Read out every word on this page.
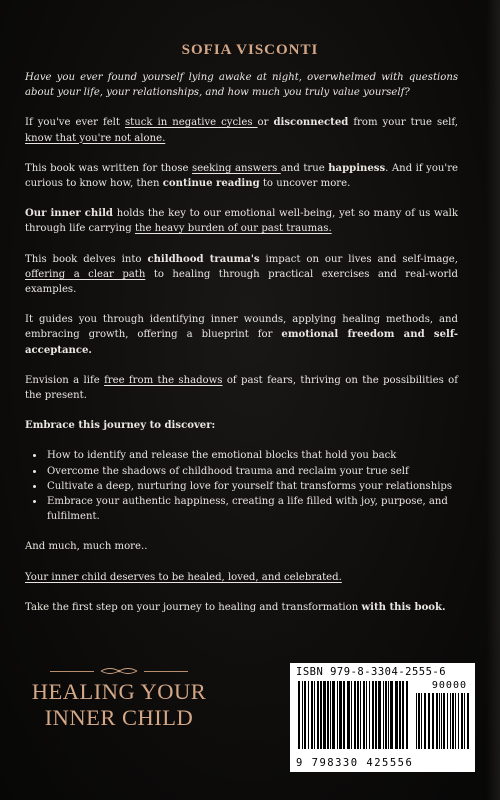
SOFIA VISCONTI

Have you ever found yourself lying awake at night, overwhelmed with questions about your life, your relationships, and how much you truly value yourself?

If you've ever felt stuck in negative cycles or disconnected from your true self, know that you're not alone.

This book was written for those seeking answers and true happiness. And if you're curious to know how, then continue reading to uncover more.

Our inner child holds the key to our emotional well-being, yet so many of us walk through life carrying the heavy burden of our past traumas.

This book delves into childhood trauma's impact on our lives and self-image, offering a clear path to healing through practical exercises and real-world examples.

It guides you through identifying inner wounds, applying healing methods, and embracing growth, offering a blueprint for emotional freedom and self-acceptance.

Envision a life free from the shadows of past fears, thriving on the possibilities of the present.

Embrace this journey to discover:

• How to identify and release the emotional blocks that hold you back
• Overcome the shadows of childhood trauma and reclaim your true self
• Cultivate a deep, nurturing love for yourself that transforms your relationships
• Embrace your authentic happiness, creating a life filled with joy, purpose, and fulfilment.

And much, much more..

Your inner child deserves to be healed, loved, and celebrated.

Take the first step on your journey to healing and transformation with this book.

HEALING YOUR
INNER CHILD
ISBN 979-8-3304-2555-6
90000
9 798330 425556
